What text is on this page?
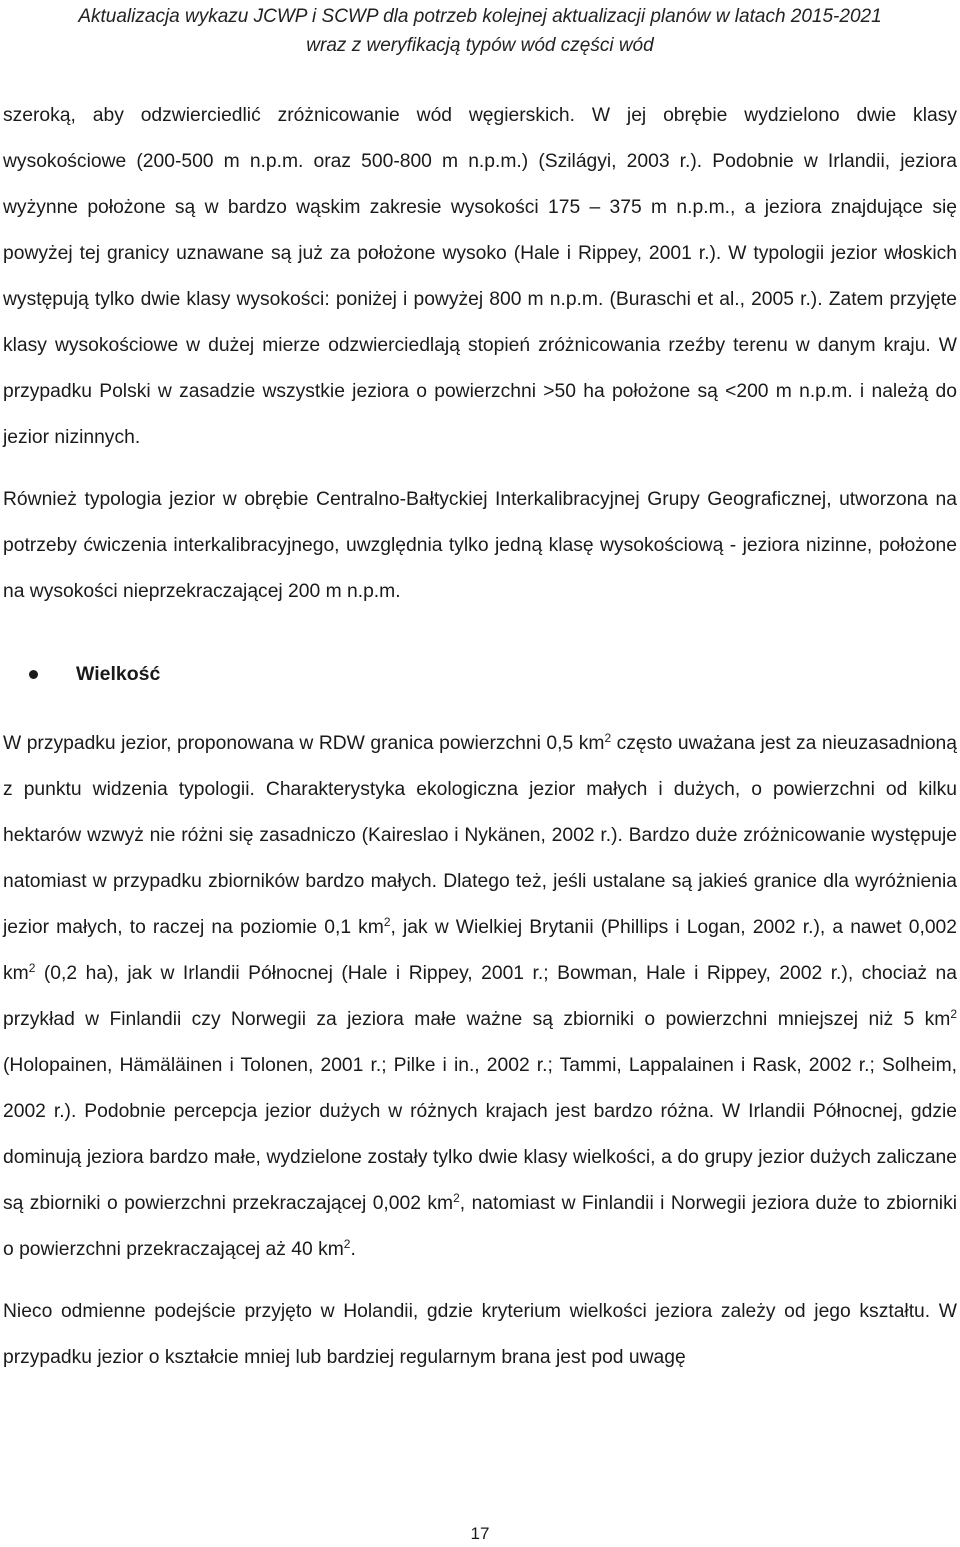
Aktualizacja wykazu JCWP i SCWP dla potrzeb kolejnej aktualizacji planów w latach 2015-2021
wraz z weryfikacją typów wód części wód

szeroką, aby odzwierciedlić zróżnicowanie wód węgierskich. W jej obrębie wydzielono dwie klasy wysokościowe (200-500 m n.p.m. oraz 500-800 m n.p.m.) (Szilágyi, 2003 r.). Podobnie w Irlandii, jeziora wyżynne położone są w bardzo wąskim zakresie wysokości 175 – 375 m n.p.m., a jeziora znajdujące się powyżej tej granicy uznawane są już za położone wysoko (Hale i Rippey, 2001 r.). W typologii jezior włoskich występują tylko dwie klasy wysokości: poniżej i powyżej 800 m n.p.m. (Buraschi et al., 2005 r.). Zatem przyjęte klasy wysokościowe w dużej mierze odzwierciedlają stopień zróżnicowania rzeźby terenu w danym kraju. W przypadku Polski w zasadzie wszystkie jeziora o powierzchni >50 ha położone są <200 m n.p.m. i należą do jezior nizinnych.

Również typologia jezior w obrębie Centralno-Bałtyckiej Interkalibracyjnej Grupy Geograficznej, utworzona na potrzeby ćwiczenia interkalibracyjnego, uwzględnia tylko jedną klasę wysokościową - jeziora nizinne, położone na wysokości nieprzekraczającej 200 m n.p.m.

Wielkość

W przypadku jezior, proponowana w RDW granica powierzchni 0,5 $km^2$ często uważana jest za nieuzasadnioną z punktu widzenia typologii. Charakterystyka ekologiczna jezior małych i dużych, o powierzchni od kilku hektarów wzwyż nie różni się zasadniczo (Kaireslao i Nykänen, 2002 r.). Bardzo duże zróżnicowanie występuje natomiast w przypadku zbiorników bardzo małych. Dlatego też, jeśli ustalane są jakieś granice dla wyróżnienia jezior małych, to raczej na poziomie 0,1 $km^2$, jak w Wielkiej Brytanii (Phillips i Logan, 2002 r.), a nawet 0,002 $km^2$ (0,2 ha), jak w Irlandii Północnej (Hale i Rippey, 2001 r.; Bowman, Hale i Rippey, 2002 r.), chociaż na przykład w Finlandii czy Norwegii za jeziora małe ważne są zbiorniki o powierzchni mniejszej niż 5 $km^2$ (Holopainen, Hämäläinen i Tolonen, 2001 r.; Pilke i in., 2002 r.; Tammi, Lappalainen i Rask, 2002 r.; Solheim, 2002 r.). Podobnie percepcja jezior dużych w różnych krajach jest bardzo różna. W Irlandii Północnej, gdzie dominują jeziora bardzo małe, wydzielone zostały tylko dwie klasy wielkości, a do grupy jezior dużych zaliczane są zbiorniki o powierzchni przekraczającej 0,002 $km^2$, natomiast w Finlandii i Norwegii jeziora duże to zbiorniki o powierzchni przekraczającej aż 40 $km^2$.

Nieco odmienne podejście przyjęto w Holandii, gdzie kryterium wielkości jeziora zależy od jego kształtu. W przypadku jezior o kształcie mniej lub bardziej regularnym brana jest pod uwagę

17
